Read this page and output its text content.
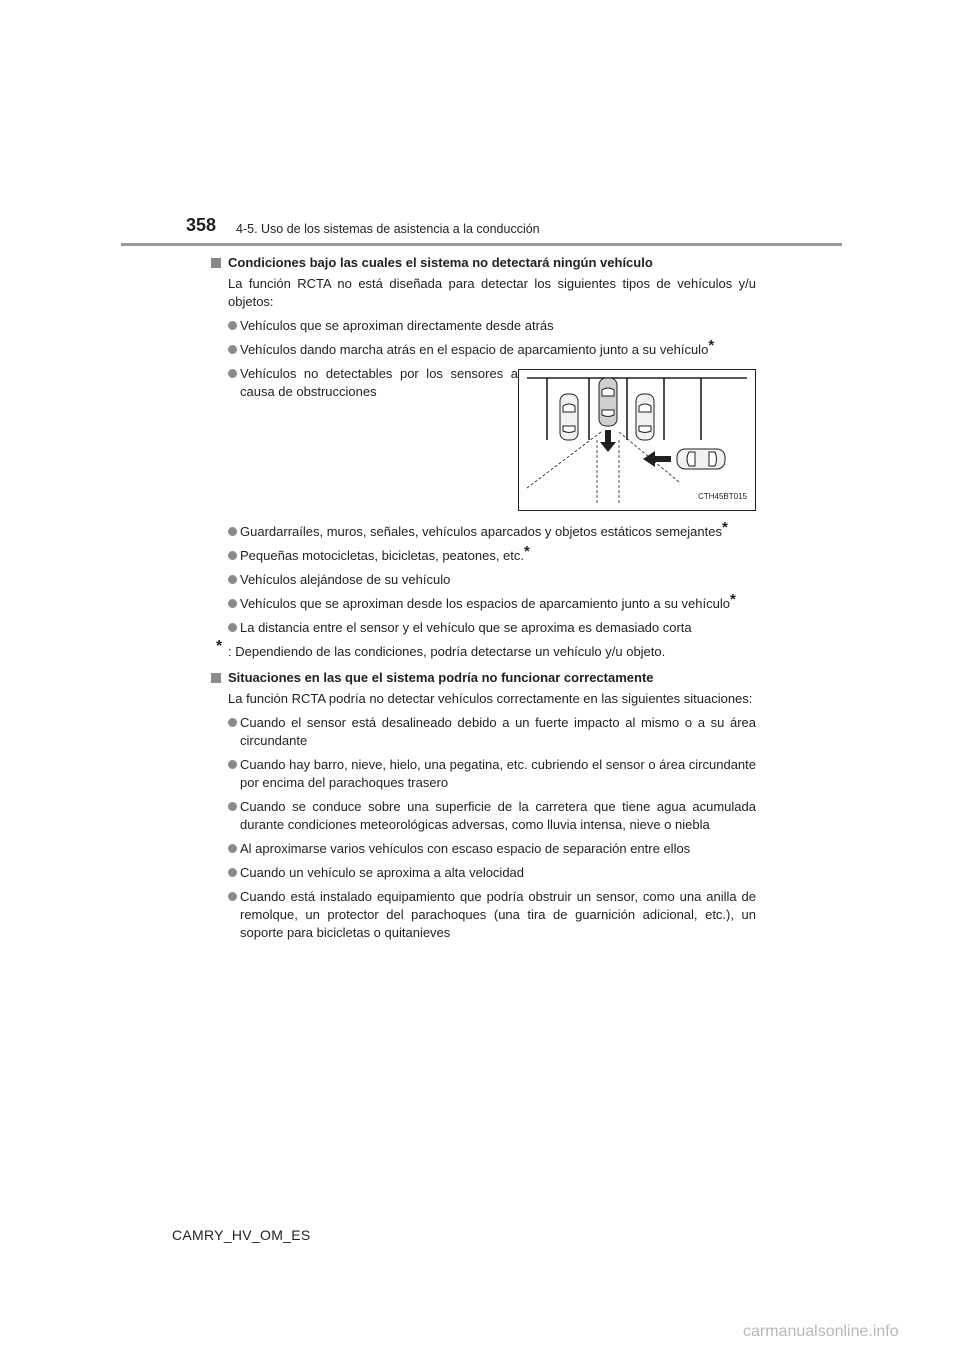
358 4-5. Uso de los sistemas de asistencia a la conducción
Condiciones bajo las cuales el sistema no detectará ningún vehículo
La función RCTA no está diseñada para detectar los siguientes tipos de vehículos y/u objetos:
Vehículos que se aproximan directamente desde atrás
Vehículos dando marcha atrás en el espacio de aparcamiento junto a su vehículo*
Vehículos no detectables por los sensores a causa de obstrucciones
CTH45BT015
Guardarraíles, muros, señales, vehículos aparcados y objetos estáticos semejantes*
Pequeñas motocicletas, bicicletas, peatones, etc.*
Vehículos alejándose de su vehículo
Vehículos que se aproximan desde los espacios de aparcamiento junto a su vehículo*
La distancia entre el sensor y el vehículo que se aproxima es demasiado corta
* : Dependiendo de las condiciones, podría detectarse un vehículo y/u objeto.
Situaciones en las que el sistema podría no funcionar correctamente
La función RCTA podría no detectar vehículos correctamente en las siguientes situaciones:
Cuando el sensor está desalineado debido a un fuerte impacto al mismo o a su área circundante
Cuando hay barro, nieve, hielo, una pegatina, etc. cubriendo el sensor o área circundante por encima del parachoques trasero
Cuando se conduce sobre una superficie de la carretera que tiene agua acumulada durante condiciones meteorológicas adversas, como lluvia intensa, nieve o niebla
Al aproximarse varios vehículos con escaso espacio de separación entre ellos
Cuando un vehículo se aproxima a alta velocidad
Cuando está instalado equipamiento que podría obstruir un sensor, como una anilla de remolque, un protector del parachoques (una tira de guarnición adicional, etc.), un soporte para bicicletas o quitanieves
CAMRY_HV_OM_ES
carmanualsonline.info
